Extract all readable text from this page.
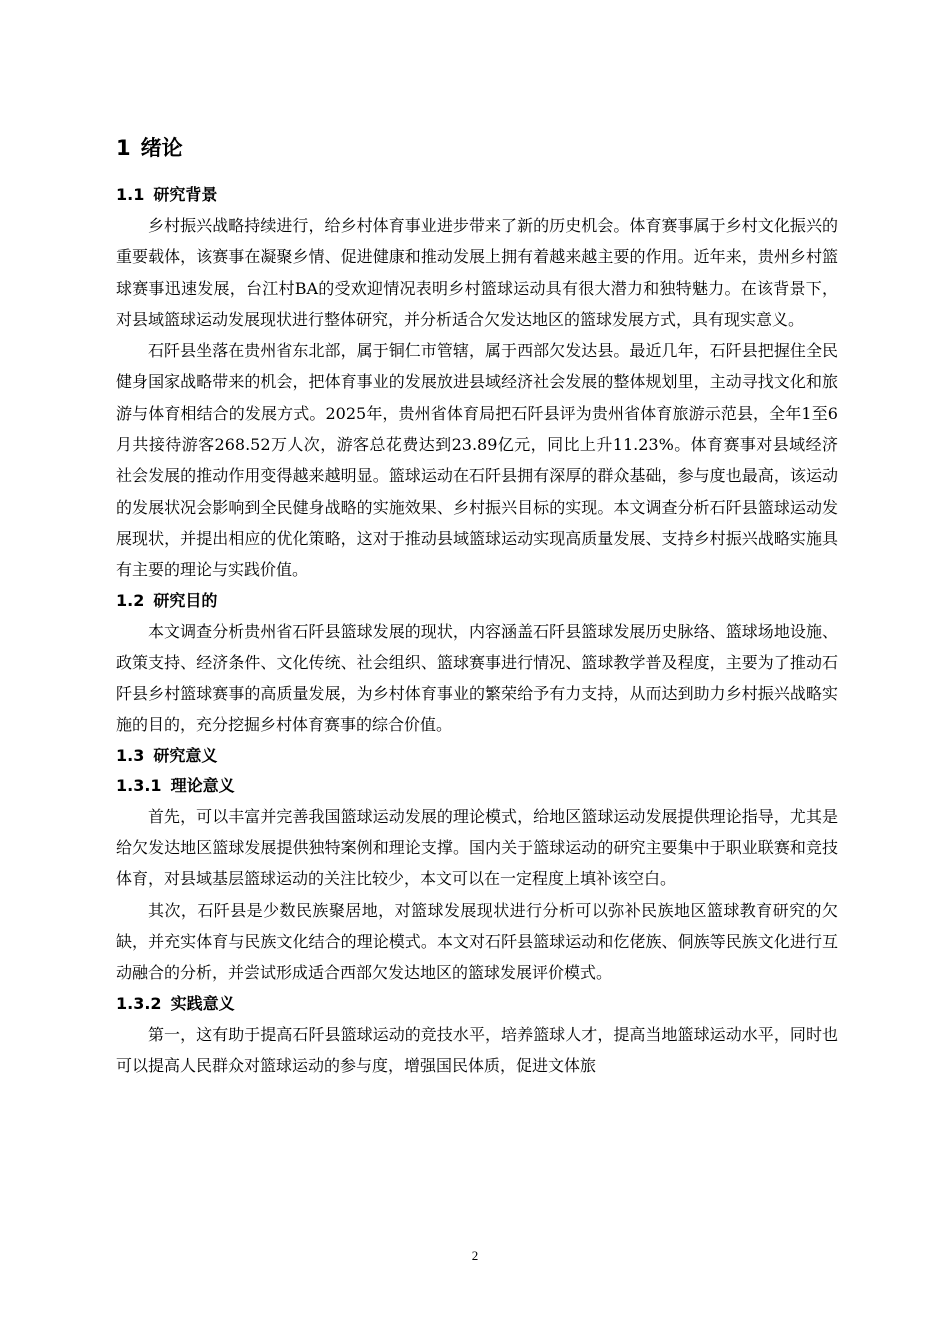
1 绪论
1.1 研究背景

乡村振兴战略持续进行，给乡村体育事业进步带来了新的历史机会。体育赛事属于乡村文化振兴的重要载体，该赛事在凝聚乡情、促进健康和推动发展上拥有着越来越主要的作用。近年来，贵州乡村篮球赛事迅速发展，台江村BA的受欢迎情况表明乡村篮球运动具有很大潜力和独特魅力。在该背景下，对县域篮球运动发展现状进行整体研究，并分析适合欠发达地区的篮球发展方式，具有现实意义。

石阡县坐落在贵州省东北部，属于铜仁市管辖，属于西部欠发达县。最近几年，石阡县把握住全民健身国家战略带来的机会，把体育事业的发展放进县域经济社会发展的整体规划里，主动寻找文化和旅游与体育相结合的发展方式。2025年，贵州省体育局把石阡县评为贵州省体育旅游示范县，全年1至6月共接待游客268.52万人次，游客总花费达到23.89亿元，同比上升11.23%。体育赛事对县域经济社会发展的推动作用变得越来越明显。篮球运动在石阡县拥有深厚的群众基础，参与度也最高，该运动的发展状况会影响到全民健身战略的实施效果、乡村振兴目标的实现。本文调查分析石阡县篮球运动发展现状，并提出相应的优化策略，这对于推动县域篮球运动实现高质量发展、支持乡村振兴战略实施具有主要的理论与实践价值。

1.2 研究目的

本文调查分析贵州省石阡县篮球发展的现状，内容涵盖石阡县篮球发展历史脉络、篮球场地设施、政策支持、经济条件、文化传统、社会组织、篮球赛事进行情况、篮球教学普及程度，主要为了推动石阡县乡村篮球赛事的高质量发展，为乡村体育事业的繁荣给予有力支持，从而达到助力乡村振兴战略实施的目的，充分挖掘乡村体育赛事的综合价值。

1.3 研究意义
1.3.1 理论意义

首先，可以丰富并完善我国篮球运动发展的理论模式，给地区篮球运动发展提供理论指导，尤其是给欠发达地区篮球发展提供独特案例和理论支撑。国内关于篮球运动的研究主要集中于职业联赛和竞技体育，对县域基层篮球运动的关注比较少，本文可以在一定程度上填补该空白。

其次，石阡县是少数民族聚居地，对篮球发展现状进行分析可以弥补民族地区篮球教育研究的欠缺，并充实体育与民族文化结合的理论模式。本文对石阡县篮球运动和仡佬族、侗族等民族文化进行互动融合的分析，并尝试形成适合西部欠发达地区的篮球发展评价模式。

1.3.2 实践意义

第一，这有助于提高石阡县篮球运动的竞技水平，培养篮球人才，提高当地篮球运动水平，同时也可以提高人民群众对篮球运动的参与度，增强国民体质，促进文体旅

2
